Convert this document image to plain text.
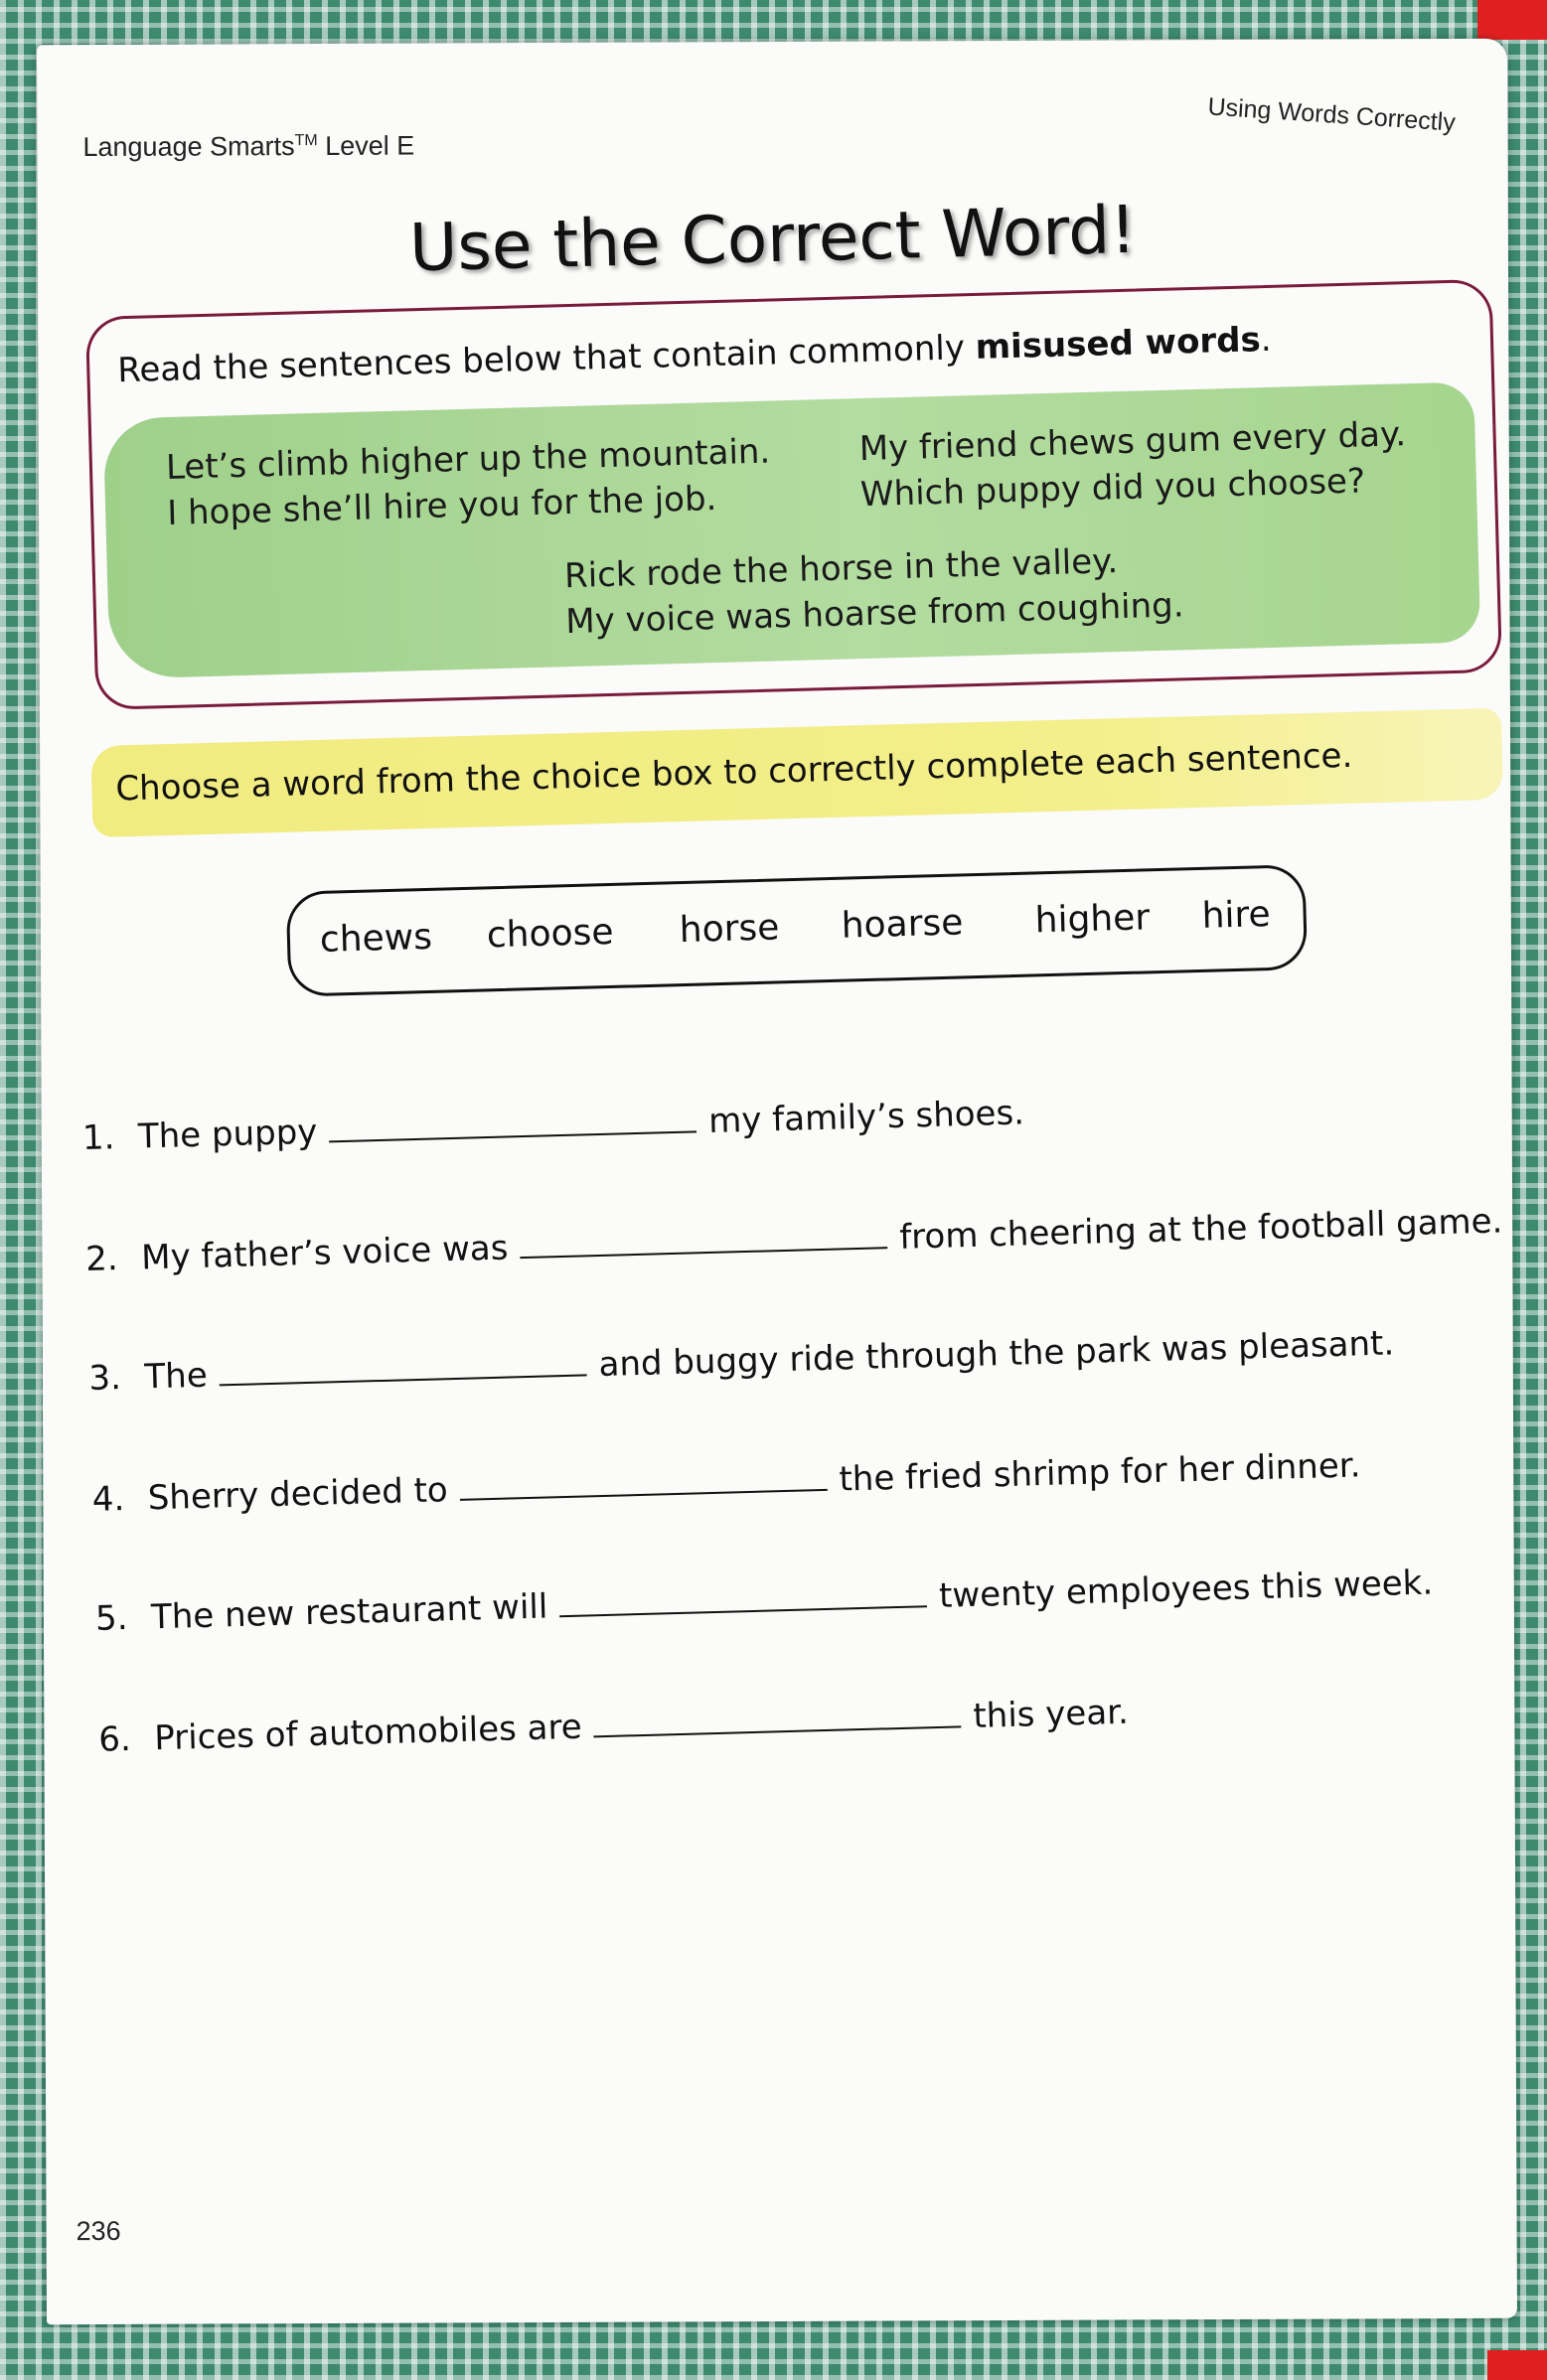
Language Smarts™ Level E
Using Words Correctly
Use the Correct Word!
Read the sentences below that contain commonly misused words.
Let’s climb higher up the mountain.
I hope she’ll hire you for the job.
My friend chews gum every day.
Which puppy did you choose?
Rick rode the horse in the valley.
My voice was hoarse from coughing.
Choose a word from the choice box to correctly complete each sentence.
chews choose horse hoarse higher hire
1. The puppy	my family’s shoes.
2. My father’s voice was	from cheering at the football game.
3. The	and buggy ride through the park was pleasant.
4. Sherry decided to	the fried shrimp for her dinner.
5. The new restaurant will	twenty employees this week.
6. Prices of automobiles are	this year.
236
